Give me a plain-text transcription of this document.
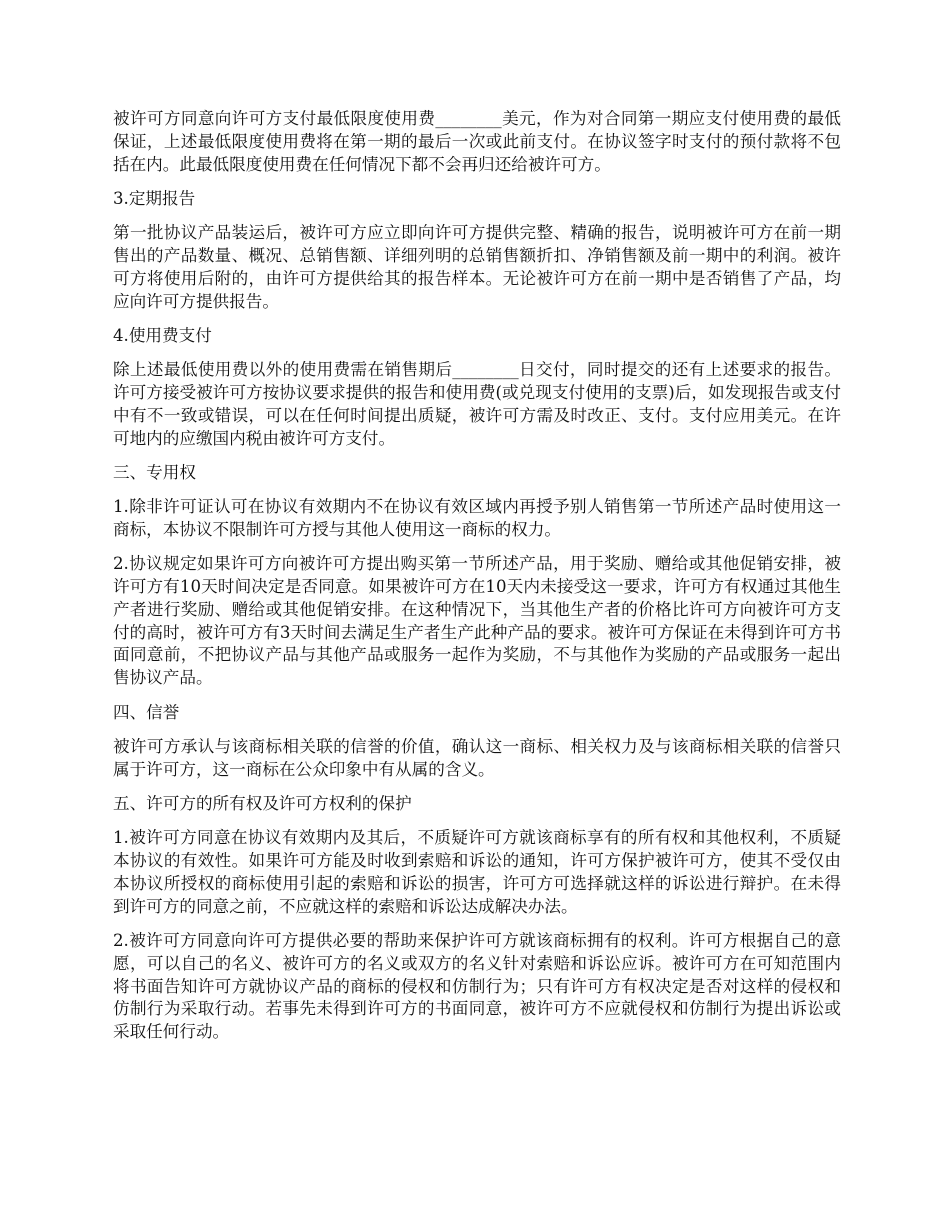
被许可方同意向许可方支付最低限度使用费________美元，作为对合同第一期应支付使用费的最低保证，上述最低限度使用费将在第一期的最后一次或此前支付。在协议签字时支付的预付款将不包括在内。此最低限度使用费在任何情况下都不会再归还给被许可方。

3.定期报告

第一批协议产品装运后，被许可方应立即向许可方提供完整、精确的报告，说明被许可方在前一期售出的产品数量、概况、总销售额、详细列明的总销售额折扣、净销售额及前一期中的利润。被许可方将使用后附的，由许可方提供给其的报告样本。无论被许可方在前一期中是否销售了产品，均应向许可方提供报告。

4.使用费支付

除上述最低使用费以外的使用费需在销售期后________日交付，同时提交的还有上述要求的报告。许可方接受被许可方按协议要求提供的报告和使用费(或兑现支付使用的支票)后，如发现报告或支付中有不一致或错误，可以在任何时间提出质疑，被许可方需及时改正、支付。支付应用美元。在许可地内的应缴国内税由被许可方支付。

三、专用权

1.除非许可证认可在协议有效期内不在协议有效区域内再授予别人销售第一节所述产品时使用这一商标，本协议不限制许可方授与其他人使用这一商标的权力。

2.协议规定如果许可方向被许可方提出购买第一节所述产品，用于奖励、赠给或其他促销安排，被许可方有10天时间决定是否同意。如果被许可方在10天内未接受这一要求，许可方有权通过其他生产者进行奖励、赠给或其他促销安排。在这种情况下，当其他生产者的价格比许可方向被许可方支付的高时，被许可方有3天时间去满足生产者生产此种产品的要求。被许可方保证在未得到许可方书面同意前，不把协议产品与其他产品或服务一起作为奖励，不与其他作为奖励的产品或服务一起出售协议产品。

四、信誉

被许可方承认与该商标相关联的信誉的价值，确认这一商标、相关权力及与该商标相关联的信誉只属于许可方，这一商标在公众印象中有从属的含义。

五、许可方的所有权及许可方权利的保护

1.被许可方同意在协议有效期内及其后，不质疑许可方就该商标享有的所有权和其他权利，不质疑本协议的有效性。如果许可方能及时收到索赔和诉讼的通知，许可方保护被许可方，使其不受仅由本协议所授权的商标使用引起的索赔和诉讼的损害，许可方可选择就这样的诉讼进行辩护。在未得到许可方的同意之前，不应就这样的索赔和诉讼达成解决办法。

2.被许可方同意向许可方提供必要的帮助来保护许可方就该商标拥有的权利。许可方根据自己的意愿，可以自己的名义、被许可方的名义或双方的名义针对索赔和诉讼应诉。被许可方在可知范围内将书面告知许可方就协议产品的商标的侵权和仿制行为；只有许可方有权决定是否对这样的侵权和仿制行为采取行动。若事先未得到许可方的书面同意，被许可方不应就侵权和仿制行为提出诉讼或采取任何行动。
